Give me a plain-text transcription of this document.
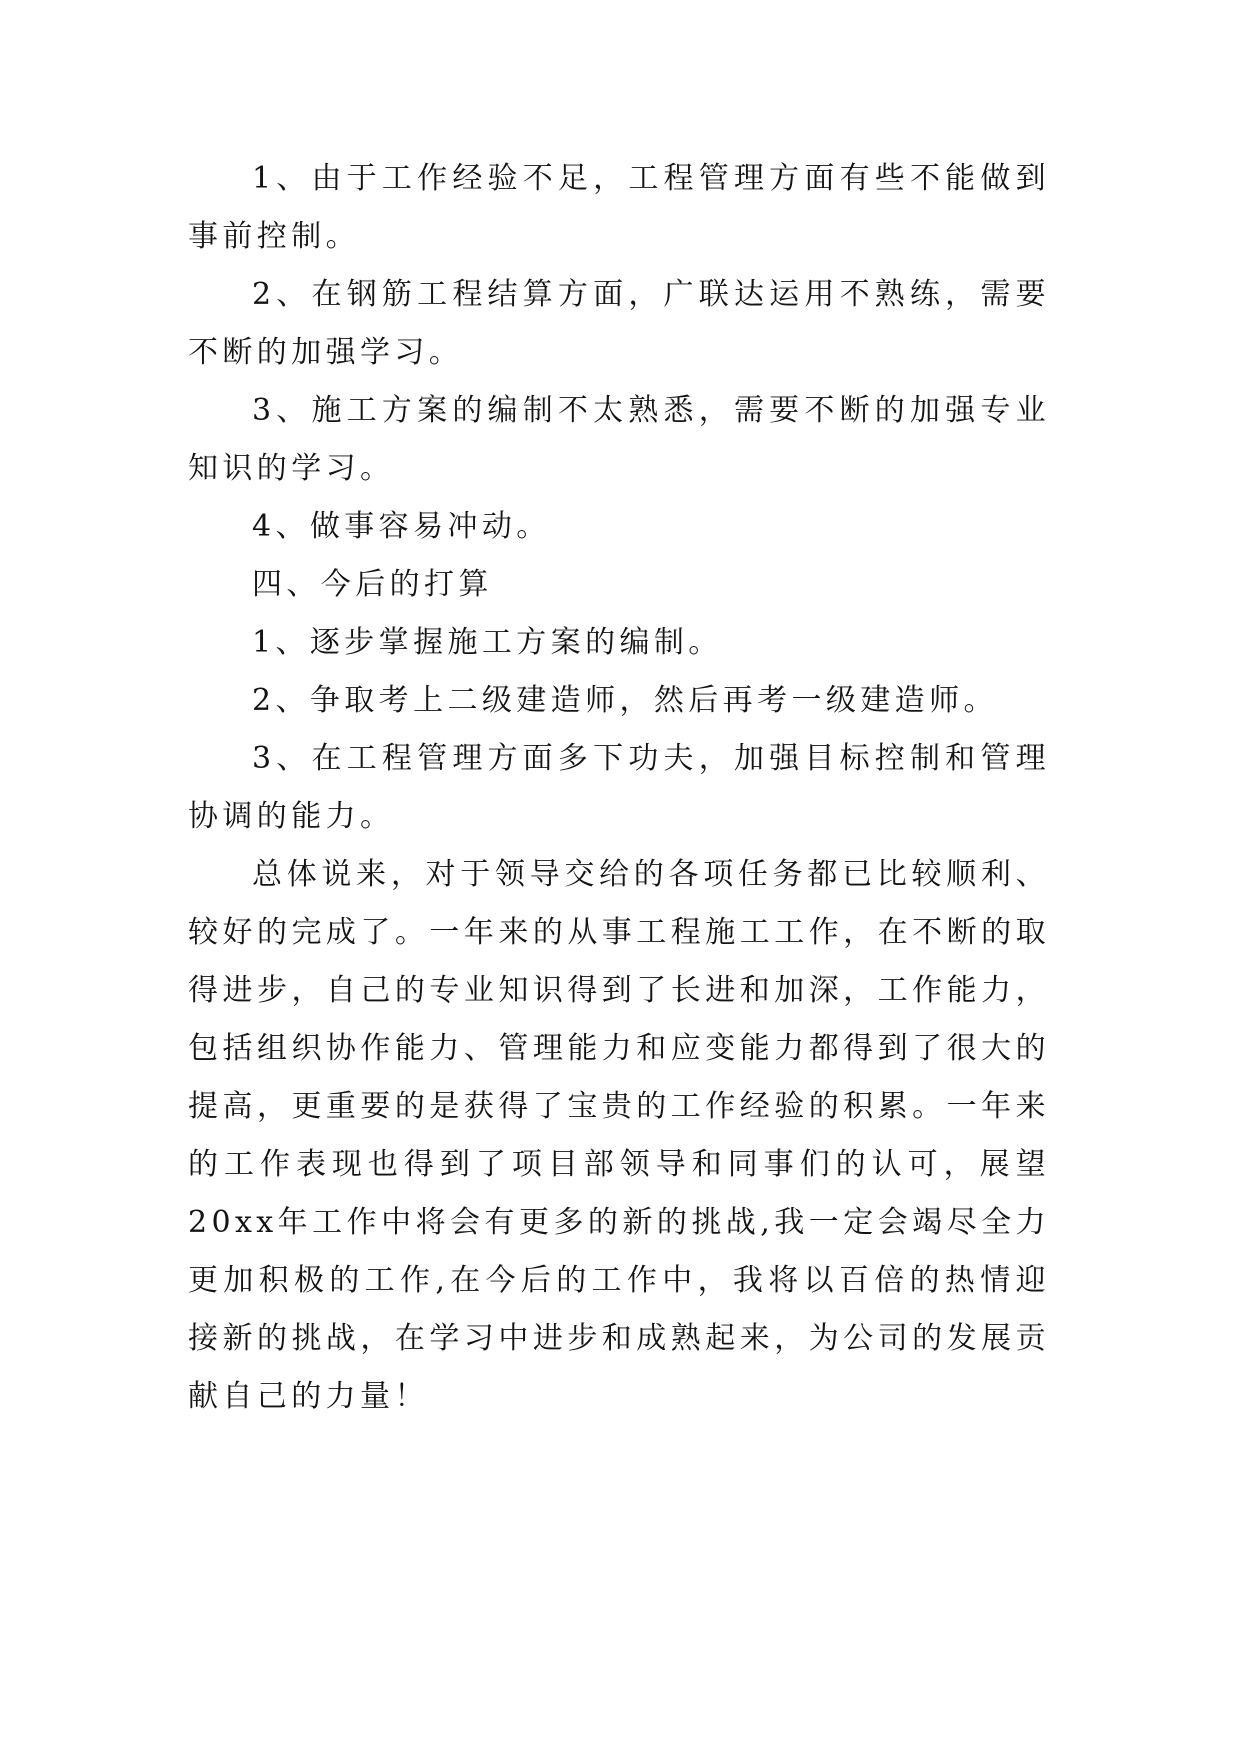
1、由于工作经验不足，工程管理方面有些不能做到事前控制。

2、在钢筋工程结算方面，广联达运用不熟练，需要不断的加强学习。

3、施工方案的编制不太熟悉，需要不断的加强专业知识的学习。

4、做事容易冲动。

四、今后的打算

1、逐步掌握施工方案的编制。

2、争取考上二级建造师，然后再考一级建造师。

3、在工程管理方面多下功夫，加强目标控制和管理协调的能力。

总体说来，对于领导交给的各项任务都已比较顺利、较好的完成了。一年来的从事工程施工工作，在不断的取得进步，自己的专业知识得到了长进和加深，工作能力，包括组织协作能力、管理能力和应变能力都得到了很大的提高，更重要的是获得了宝贵的工作经验的积累。一年来的工作表现也得到了项目部领导和同事们的认可，展望20xx年工作中将会有更多的新的挑战,我一定会竭尽全力更加积极的工作,在今后的工作中，我将以百倍的热情迎接新的挑战，在学习中进步和成熟起来，为公司的发展贡献自己的力量！
